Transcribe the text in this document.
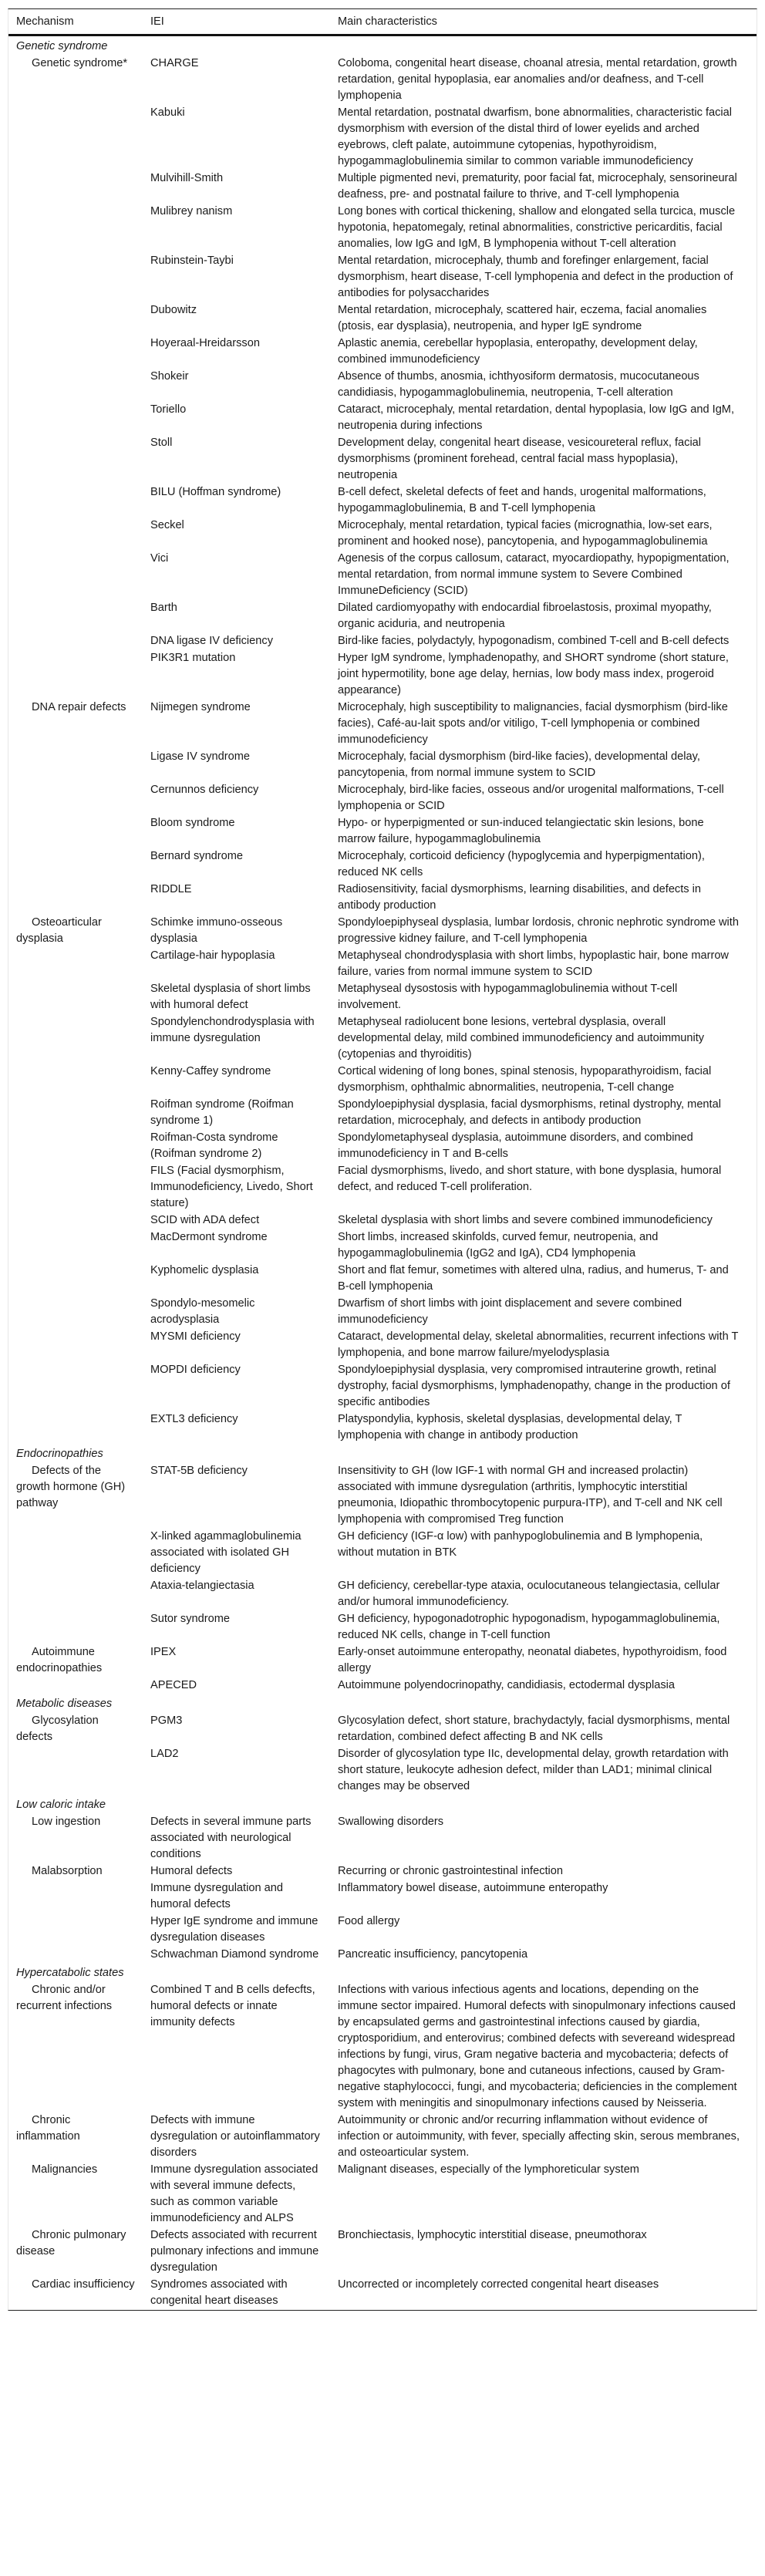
Mechanism	IEI	Main characteristics
Genetic syndrome		
Genetic syndrome*	CHARGE	Coloboma, congenital heart disease, choanal atresia, mental retardation, growth retardation, genital hypoplasia, ear anomalies and/or deafness, and T-cell lymphopenia
	Kabuki	Mental retardation, postnatal dwarfism, bone abnormalities, characteristic facial dysmorphism with eversion of the distal third of lower eyelids and arched eyebrows, cleft palate, autoimmune cytopenias, hypothyroidism, hypogammaglobulinemia similar to common variable immunodeficiency
	Mulvihill-Smith	Multiple pigmented nevi, prematurity, poor facial fat, microcephaly, sensorineural deafness, pre- and postnatal failure to thrive, and T-cell lymphopenia
	Mulibrey nanism	Long bones with cortical thickening, shallow and elongated sella turcica, muscle hypotonia, hepatomegaly, retinal abnormalities, constrictive pericarditis, facial anomalies, low IgG and IgM, B lymphopenia without T-cell alteration
	Rubinstein-Taybi	Mental retardation, microcephaly, thumb and forefinger enlargement, facial dysmorphism, heart disease, T-cell lymphopenia and defect in the production of antibodies for polysaccharides
	Dubowitz	Mental retardation, microcephaly, scattered hair, eczema, facial anomalies (ptosis, ear dysplasia), neutropenia, and hyper IgE syndrome
	Hoyeraal-Hreidarsson	Aplastic anemia, cerebellar hypoplasia, enteropathy, development delay, combined immunodeficiency
	Shokeir	Absence of thumbs, anosmia, ichthyosiform dermatosis, mucocutaneous candidiasis, hypogammaglobulinemia, neutropenia, T-cell alteration
	Toriello	Cataract, microcephaly, mental retardation, dental hypoplasia, low IgG and IgM, neutropenia during infections
	Stoll	Development delay, congenital heart disease, vesicoureteral reflux, facial dysmorphisms (prominent forehead, central facial mass hypoplasia), neutropenia
	BILU (Hoffman syndrome)	B-cell defect, skeletal defects of feet and hands, urogenital malformations, hypogammaglobulinemia, B and T-cell lymphopenia
	Seckel	Microcephaly, mental retardation, typical facies (micrognathia, low-set ears, prominent and hooked nose), pancytopenia, and hypogammaglobulinemia
	Vici	Agenesis of the corpus callosum, cataract, myocardiopathy, hypopigmentation, mental retardation, from normal immune system to Severe Combined ImmuneDeficiency (SCID)
	Barth	Dilated cardiomyopathy with endocardial fibroelastosis, proximal myopathy, organic aciduria, and neutropenia
	DNA ligase IV deficiency	Bird-like facies, polydactyly, hypogonadism, combined T-cell and B-cell defects
	PIK3R1 mutation	Hyper IgM syndrome, lymphadenopathy, and SHORT syndrome (short stature, joint hypermotility, bone age delay, hernias, low body mass index, progeroid appearance)
DNA repair defects	Nijmegen syndrome	Microcephaly, high susceptibility to malignancies, facial dysmorphism (bird-like facies), Café-au-lait spots and/or vitiligo, T-cell lymphopenia or combined immunodeficiency
	Ligase IV syndrome	Microcephaly, facial dysmorphism (bird-like facies), developmental delay, pancytopenia, from normal immune system to SCID
	Cernunnos deficiency	Microcephaly, bird-like facies, osseous and/or urogenital malformations, T-cell lymphopenia or SCID
	Bloom syndrome	Hypo- or hyperpigmented or sun-induced telangiectatic skin lesions, bone marrow failure, hypogammaglobulinemia
	Bernard syndrome	Microcephaly, corticoid deficiency (hypoglycemia and hyperpigmentation), reduced NK cells
	RIDDLE	Radiosensitivity, facial dysmorphisms, learning disabilities, and defects in antibody production
Osteoarticular dysplasia	Schimke immuno-osseous dysplasia	Spondyloepiphyseal dysplasia, lumbar lordosis, chronic nephrotic syndrome with progressive kidney failure, and T-cell lymphopenia
	Cartilage-hair hypoplasia	Metaphyseal chondrodysplasia with short limbs, hypoplastic hair, bone marrow failure, varies from normal immune system to SCID
	Skeletal dysplasia of short limbs with humoral defect	Metaphyseal dysostosis with hypogammaglobulinemia without T-cell involvement.
	Spondylenchondrodysplasia with immune dysregulation	Metaphyseal radiolucent bone lesions, vertebral dysplasia, overall developmental delay, mild combined immunodeficiency and autoimmunity (cytopenias and thyroiditis)
	Kenny-Caffey syndrome	Cortical widening of long bones, spinal stenosis, hypoparathyroidism, facial dysmorphism, ophthalmic abnormalities, neutropenia, T-cell change
	Roifman syndrome (Roifman syndrome 1)	Spondyloepiphysial dysplasia, facial dysmorphisms, retinal dystrophy, mental retardation, microcephaly, and defects in antibody production
	Roifman-Costa syndrome (Roifman syndrome 2)	Spondylometaphyseal dysplasia, autoimmune disorders, and combined immunodeficiency in T and B-cells
	FILS (Facial dysmorphism, Immunodeficiency, Livedo, Short stature)	Facial dysmorphisms, livedo, and short stature, with bone dysplasia, humoral defect, and reduced T-cell proliferation.
	SCID with ADA defect	Skeletal dysplasia with short limbs and severe combined immunodeficiency
	MacDermont syndrome	Short limbs, increased skinfolds, curved femur, neutropenia, and hypogammaglobulinemia (IgG2 and IgA), CD4 lymphopenia
	Kyphomelic dysplasia	Short and flat femur, sometimes with altered ulna, radius, and humerus, T- and B-cell lymphopenia
	Spondylo-mesomelic acrodysplasia	Dwarfism of short limbs with joint displacement and severe combined immunodeficiency
	MYSMI deficiency	Cataract, developmental delay, skeletal abnormalities, recurrent infections with T lymphopenia, and bone marrow failure/myelodysplasia
	MOPDI deficiency	Spondyloepiphysial dysplasia, very compromised intrauterine growth, retinal dystrophy, facial dysmorphisms, lymphadenopathy, change in the production of specific antibodies
	EXTL3 deficiency	Platyspondylia, kyphosis, skeletal dysplasias, developmental delay, T lymphopenia with change in antibody production
Endocrinopathies		
Defects of the growth hormone (GH) pathway	STAT-5B deficiency	Insensitivity to GH (low IGF-1 with normal GH and increased prolactin) associated with immune dysregulation (arthritis, lymphocytic interstitial pneumonia, Idiopathic thrombocytopenic purpura-ITP), and T-cell and NK cell lymphopenia with compromised Treg function
	X-linked agammaglobulinemia associated with isolated GH deficiency	GH deficiency (IGF-α low) with panhypoglobulinemia and B lymphopenia, without mutation in BTK
	Ataxia-telangiectasia	GH deficiency, cerebellar-type ataxia, oculocutaneous telangiectasia, cellular and/or humoral immunodeficiency.
	Sutor syndrome	GH deficiency, hypogonadotrophic hypogonadism, hypogammaglobulinemia, reduced NK cells, change in T-cell function
Autoimmune endocrinopathies	IPEX	Early-onset autoimmune enteropathy, neonatal diabetes, hypothyroidism, food allergy
	APECED	Autoimmune polyendocrinopathy, candidiasis, ectodermal dysplasia
Metabolic diseases		
Glycosylation defects	PGM3	Glycosylation defect, short stature, brachydactyly, facial dysmorphisms, mental retardation, combined defect affecting B and NK cells
	LAD2	Disorder of glycosylation type IIc, developmental delay, growth retardation with short stature, leukocyte adhesion defect, milder than LAD1; minimal clinical changes may be observed
Low caloric intake		
Low ingestion	Defects in several immune parts associated with neurological conditions	Swallowing disorders
Malabsorption	Humoral defects	Recurring or chronic gastrointestinal infection
	Immune dysregulation and humoral defects	Inflammatory bowel disease, autoimmune enteropathy
	Hyper IgE syndrome and immune dysregulation diseases	Food allergy
	Schwachman Diamond syndrome	Pancreatic insufficiency, pancytopenia
Hypercatabolic states		
Chronic and/or recurrent infections	Combined T and B cells defecfts, humoral defects or innate immunity defects	Infections with various infectious agents and locations, depending on the immune sector impaired. Humoral defects with sinopulmonary infections caused by encapsulated germs and gastrointestinal infections caused by giardia, cryptosporidium, and enterovirus; combined defects with severeand widespread infections by fungi, virus, Gram negative bacteria and mycobacteria; defects of phagocytes with pulmonary, bone and cutaneous infections, caused by Gram-negative staphylococci, fungi, and mycobacteria; deficiencies in the complement system with meningitis and sinopulmonary infections caused by Neisseria.
Chronic inflammation	Defects with immune dysregulation or autoinflammatory disorders	Autoimmunity or chronic and/or recurring inflammation without evidence of infection or autoimmunity, with fever, specially affecting skin, serous membranes, and osteoarticular system.
Malignancies	Immune dysregulation associated with several immune defects, such as common variable immunodeficiency and ALPS	Malignant diseases, especially of the lymphoreticular system
Chronic pulmonary disease	Defects associated with recurrent pulmonary infections and immune dysregulation	Bronchiectasis, lymphocytic interstitial disease, pneumothorax
Cardiac insufficiency	Syndromes associated with congenital heart diseases	Uncorrected or incompletely corrected congenital heart diseases
